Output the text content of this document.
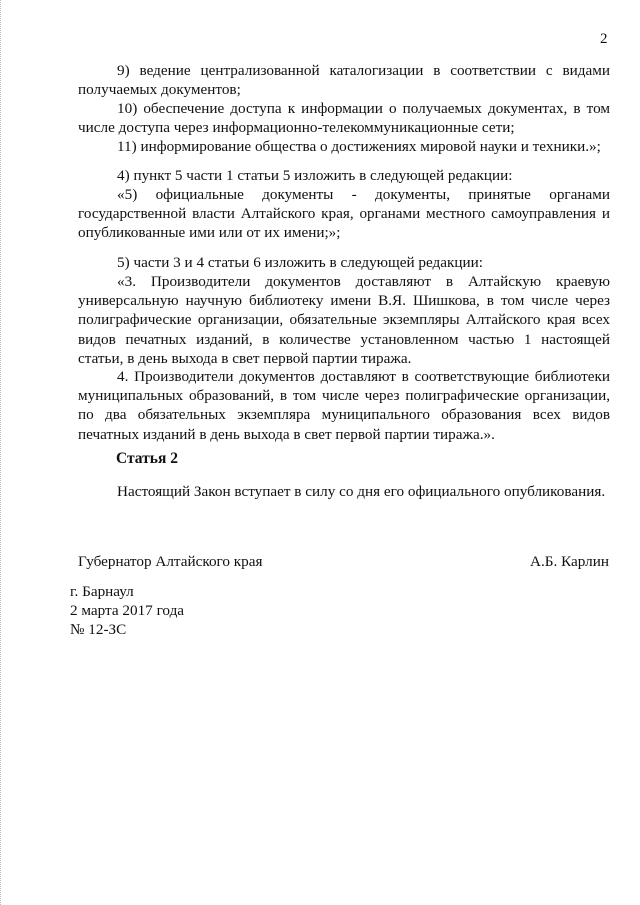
2

9) ведение централизованной каталогизации в соответствии с видами получаемых документов;

10) обеспечение доступа к информации о получаемых документах, в том числе доступа через информационно-телекоммуникационные сети;

11) информирование общества о достижениях мировой науки и техники.»;

4) пункт 5 части 1 статьи 5 изложить в следующей редакции:

«5) официальные документы - документы, принятые органами государственной власти Алтайского края, органами местного самоуправления и опубликованные ими или от их имени;»;

5) части 3 и 4 статьи 6 изложить в следующей редакции:

«3. Производители документов доставляют в Алтайскую краевую универсальную научную библиотеку имени В.Я. Шишкова, в том числе через полиграфические организации, обязательные экземпляры Алтайского края всех видов печатных изданий, в количестве установленном частью 1 настоящей статьи, в день выхода в свет первой партии тиража.

4. Производители документов доставляют в соответствующие библиотеки муниципальных образований, в том числе через полиграфические организации, по два обязательных экземпляра муниципального образования всех видов печатных изданий в день выхода в свет первой партии тиража.».

Статья 2

Настоящий Закон вступает в силу со дня его официального опубликования.

Губернатор Алтайского края	А.Б. Карлин
г. Барнаул
2 марта 2017 года
№ 12-ЗС
